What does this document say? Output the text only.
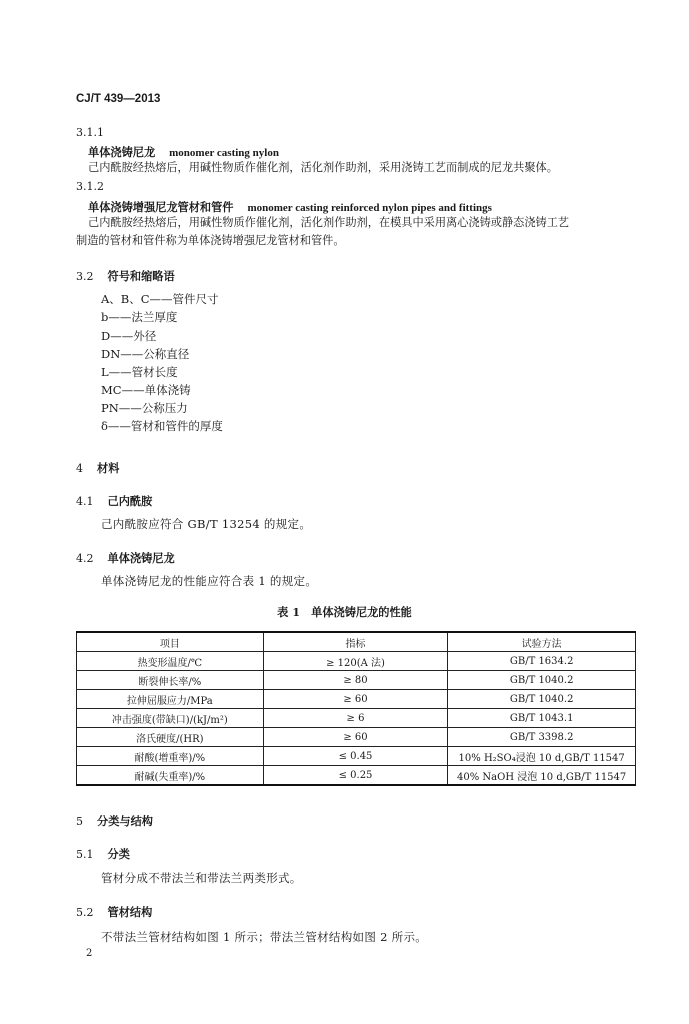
CJ/T 439—2013
3.1.1
单体浇铸尼龙 monomer casting nylon
己内酰胺经热熔后，用碱性物质作催化剂，活化剂作助剂，采用浇铸工艺而制成的尼龙共聚体。
3.1.2
单体浇铸增强尼龙管材和管件 monomer casting reinforced nylon pipes and fittings
己内酰胺经热熔后，用碱性物质作催化剂，活化剂作助剂，在模具中采用离心浇铸或静态浇铸工艺
制造的管材和管件称为单体浇铸增强尼龙管材和管件。
3.2 符号和缩略语
A、B、C——管件尺寸
b——法兰厚度
D——外径
DN——公称直径
L——管材长度
MC——单体浇铸
PN——公称压力
δ——管材和管件的厚度
4 材料
4.1 己内酰胺
己内酰胺应符合 GB/T 13254 的规定。
4.2 单体浇铸尼龙
单体浇铸尼龙的性能应符合表 1 的规定。
表 1　单体浇铸尼龙的性能
项目	指标	试验方法
热变形温度/℃	≥ 120(A 法)	GB/T 1634.2
断裂伸长率/%	≥ 80	GB/T 1040.2
拉伸屈服应力/MPa	≥ 60	GB/T 1040.2
冲击强度(带缺口)/(kJ/m²)	≥ 6	GB/T 1043.1
洛氏硬度/(HR)	≥ 60	GB/T 3398.2
耐酸(增重率)/%	≤ 0.45	10% H₂SO₄浸泡 10 d,GB/T 11547
耐碱(失重率)/%	≤ 0.25	40% NaOH 浸泡 10 d,GB/T 11547
5 分类与结构
5.1 分类
管材分成不带法兰和带法兰两类形式。
5.2 管材结构
不带法兰管材结构如图 1 所示；带法兰管材结构如图 2 所示。
2
